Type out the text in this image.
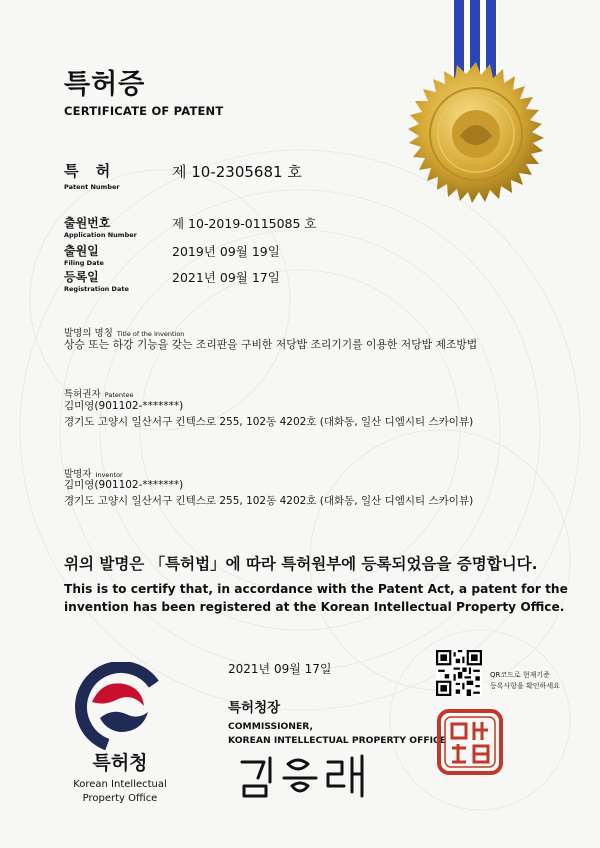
특허증
CERTIFICATE OF PATENT
특 허
Patent Number
제 10-2305681 호
출원번호
Application Number
제 10-2019-0115085 호
출원일
Filing Date
2019년 09월 19일
등록일
Registration Date
2021년 09월 17일
발명의 명칭 Title of the Invention
상승 또는 하강 기능을 갖는 조리판을 구비한 저당밥 조리기기를 이용한 저당밥 제조방법
특허권자 Patentee
김미영(901102-*******)
경기도 고양시 일산서구 킨텍스로 255, 102동 4202호 (대화동, 일산 디엠시티 스카이뷰)
발명자 Inventor
김미영(901102-*******)
경기도 고양시 일산서구 킨텍스로 255, 102동 4202호 (대화동, 일산 디엠시티 스카이뷰)
위의 발명은 「특허법」에 따라 특허원부에 등록되었음을 증명합니다.
This is to certify that, in accordance with the Patent Act, a patent for the
invention has been registered at the Korean Intellectual Property Office.
특허청
Korean Intellectual
Property Office
2021년 09월 17일
특허청장
COMMISSIONER,
KOREAN INTELLECTUAL PROPERTY OFFICE
QR코드로 현재기준
등록사항을 확인하세요
